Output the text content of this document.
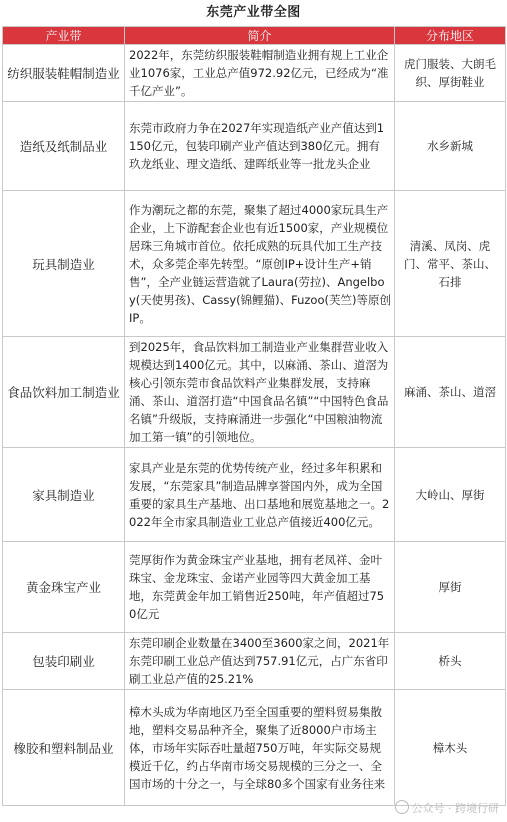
东莞产业带全图
产业带	简介	分布地区
纺织服装鞋帽制造业	2022年，东莞纺织服装鞋帽制造业拥有规上工业企业1076家，工业总产值972.92亿元，已经成为“准千亿产业”。	虎门服装、大朗毛织、厚街鞋业
造纸及纸制品业	东莞市政府力争在2027年实现造纸产业产值达到1150亿元，包装印刷产业产值达到380亿元。拥有玖龙纸业、理文造纸、建晖纸业等一批龙头企业	水乡新城
玩具制造业	作为潮玩之都的东莞，聚集了超过4000家玩具生产企业，上下游配套企业也有近1500家，产业规模位居珠三角城市首位。依托成熟的玩具代加工生产技术，众多莞企率先转型。“原创IP+设计生产+销售”，全产业链运营造就了Laura(劳拉)、Angelboy(天使男孩)、Cassy(锦鲤猫)、Fuzoo(芙竺)等原创IP。	清溪、凤岗、虎门、常平、茶山、石排
食品饮料加工制造业	到2025年，食品饮料加工制造业产业集群营业收入规模达到1400亿元。其中，以麻涌、茶山、道滘为核心引领东莞市食品饮料产业集群发展，支持麻涌、茶山、道滘打造“中国食品名镇”“中国特色食品名镇”升级版，支持麻涌进一步强化“中国粮油物流加工第一镇”的引领地位。	麻涌、茶山、道滘
家具制造业	家具产业是东莞的优势传统产业，经过多年积累和发展，“东莞家具”制造品牌享誉国内外，成为全国重要的家具生产基地、出口基地和展览基地之一。2022年全市家具制造业工业总产值接近400亿元。	大岭山、厚街
黄金珠宝产业	莞厚街作为黄金珠宝产业基地，拥有老凤祥、金叶珠宝、金龙珠宝、金诺产业园等四大黄金加工基地，东莞黄金年加工销售近250吨，年产值超过750亿元	厚街
包装印刷业	东莞印刷企业数量在3400至3600家之间，2021年东莞印刷工业总产值达到757.91亿元，占广东省印刷工业总产值的25.21%	桥头
橡胶和塑料制品业	樟木头成为华南地区乃至全国重要的塑料贸易集散地，塑料交易品种齐全，聚集了近8000户市场主体，市场年实际吞吐量超750万吨，年实际交易规模近千亿，约占华南市场交易规模的三分之一、全国市场的十分之一，与全球80多个国家有业务往来	樟木头
公众号 · 跨境行研
